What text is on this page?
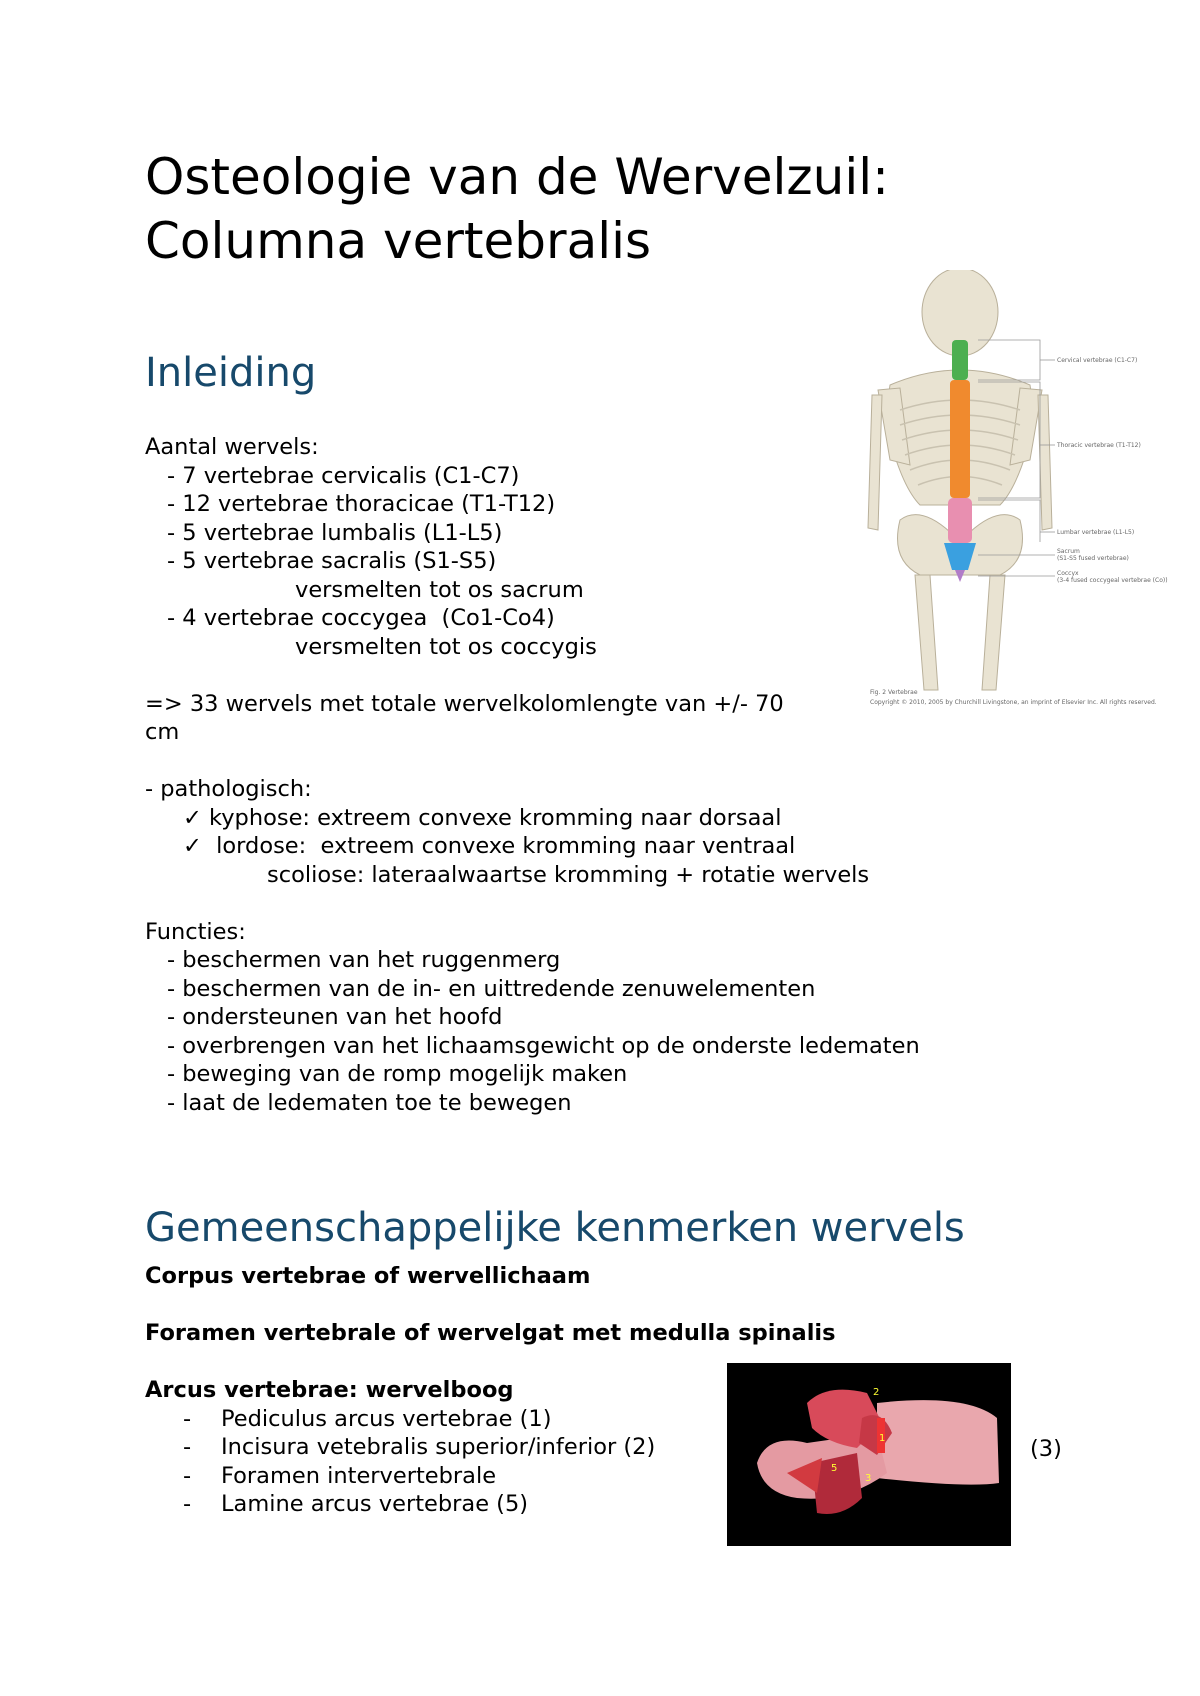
Osteologie van de Wervelzuil:
Columna vertebralis
Inleiding
Aantal wervels:
- 7 vertebrae cervicalis (C1-C7)
- 12 vertebrae thoracicae (T1-T12)
- 5 vertebrae lumbalis (L1-L5)
- 5 vertebrae sacralis (S1-S5)
versmelten tot os sacrum
- 4 vertebrae coccygea  (Co1-Co4)
versmelten tot os coccygis

=> 33 wervels met totale wervelkolomlengte van +/- 70
cm

- pathologisch:
✓ kyphose: extreem convexe kromming naar dorsaal
✓  lordose:  extreem convexe kromming naar ventraal
scoliose: lateraalwaartse kromming + rotatie wervels

Functies:
- beschermen van het ruggenmerg
- beschermen van de in- en uittredende zenuwelementen
- ondersteunen van het hoofd
- overbrengen van het lichaamsgewicht op de onderste ledematen
- beweging van de romp mogelijk maken
- laat de ledematen toe te bewegen
Cervical vertebrae (C1-C7)
Thoracic vertebrae (T1-T12)
Lumbar vertebrae (L1-L5)
Sacrum
(S1-S5 fused vertebrae)
Coccyx
(3-4 fused coccygeal vertebrae (Co))
Fig. 2 Vertebrae
Copyright © 2010, 2005 by Churchill Livingstone, an imprint of Elsevier Inc. All rights reserved.
Gemeenschappelijke kenmerken wervels
Corpus vertebrae of wervellichaam

Foramen vertebrale of wervelgat met medulla spinalis

Arcus vertebrae: wervelboog
- Pediculus arcus vertebrae (1)
- Incisura vetebralis superior/inferior (2)
- Foramen intervertebrale
- Lamine arcus vertebrae (5)
2
1
5
3
(3)
